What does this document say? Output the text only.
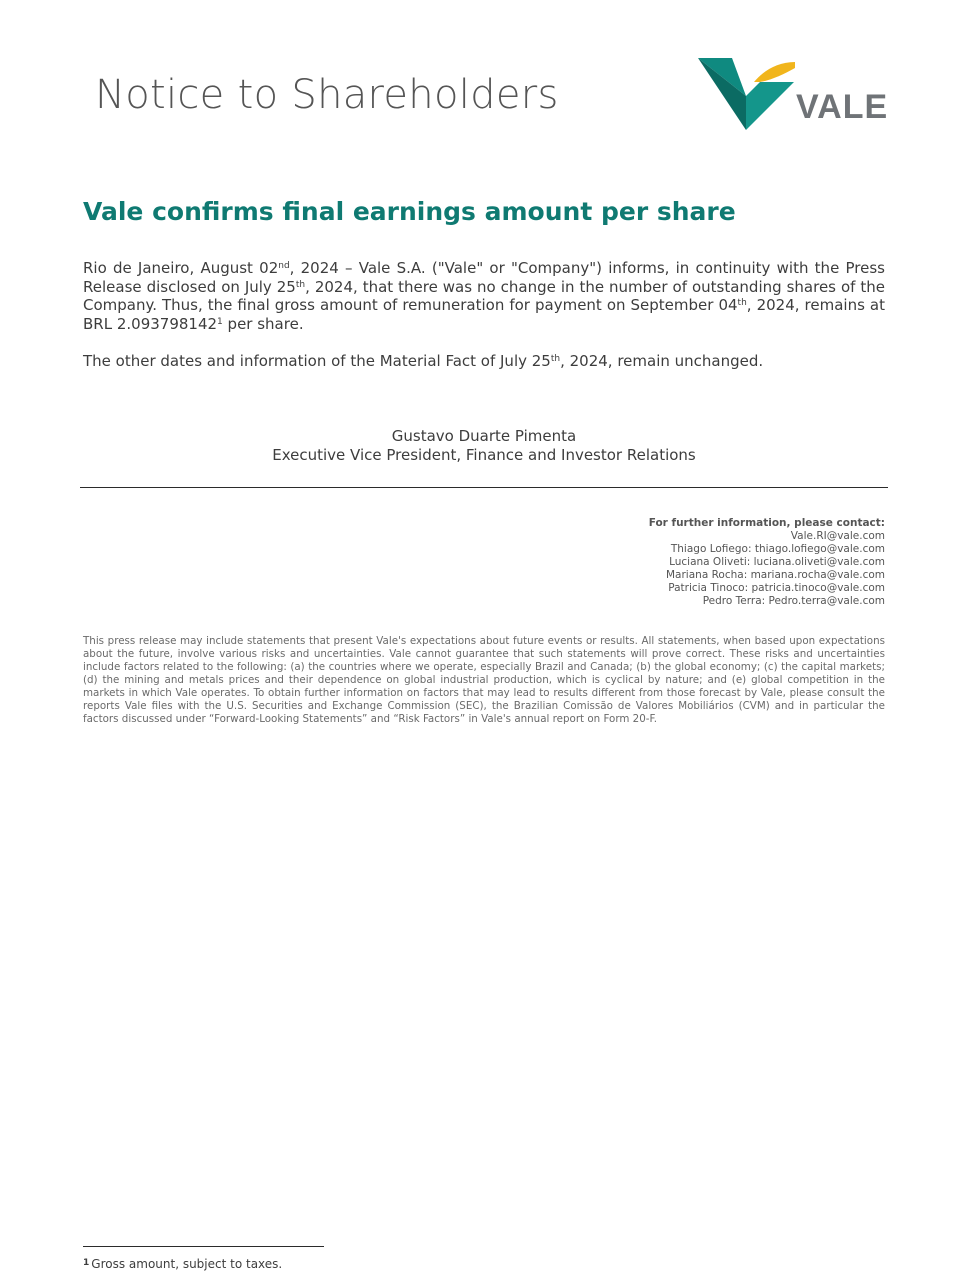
Notice to Shareholders	VALE
Vale confirms final earnings amount per share

Rio de Janeiro, August 02nd, 2024 – Vale S.A. ("Vale" or "Company") informs, in continuity with the Press Release disclosed on July 25th, 2024, that there was no change in the number of outstanding shares of the Company. Thus, the final gross amount of remuneration for payment on September 04th, 2024, remains at BRL 2.093798142$^1$ per share.

The other dates and information of the Material Fact of July 25th, 2024, remain unchanged.

Gustavo Duarte Pimenta
Executive Vice President, Finance and Investor Relations
For further information, please contact:
Vale.RI@vale.com
Thiago Lofiego: thiago.lofiego@vale.com
Luciana Oliveti: luciana.oliveti@vale.com
Mariana Rocha: mariana.rocha@vale.com
Patricia Tinoco: patricia.tinoco@vale.com
Pedro Terra: Pedro.terra@vale.com

This press release may include statements that present Vale's expectations about future events or results. All statements, when based upon expectations about the future, involve various risks and uncertainties. Vale cannot guarantee that such statements will prove correct. These risks and uncertainties include factors related to the following: (a) the countries where we operate, especially Brazil and Canada; (b) the global economy; (c) the capital markets; (d) the mining and metals prices and their dependence on global industrial production, which is cyclical by nature; and (e) global competition in the markets in which Vale operates. To obtain further information on factors that may lead to results different from those forecast by Vale, please consult the reports Vale files with the U.S. Securities and Exchange Commission (SEC), the Brazilian Comissão de Valores Mobiliários (CVM) and in particular the factors discussed under “Forward-Looking Statements” and “Risk Factors” in Vale's annual report on Form 20-F.

$^1$ Gross amount, subject to taxes.
